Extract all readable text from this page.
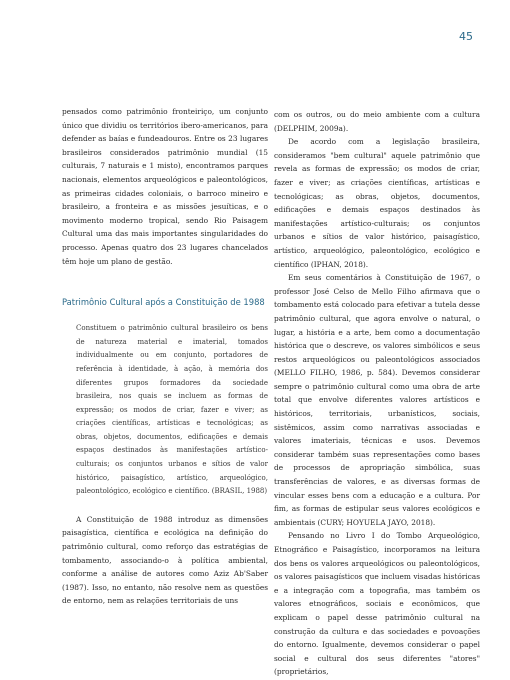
45

pensados como patrimônio fronteiriço, um conjunto único que dividiu os territórios ibero-americanos, para defender as baías e fundeadouros. Entre os 23 lugares brasileiros considerados patrimônio mundial (15 culturais, 7 naturais e 1 misto), encontramos parques nacionais, elementos arqueológicos e paleontológicos, as primeiras cidades coloniais, o barroco mineiro e brasileiro, a fronteira e as missões jesuíticas, e o movimento moderno tropical, sendo Rio Paisagem Cultural uma das mais importantes singularidades do processo. Apenas quatro dos 23 lugares chancelados têm hoje um plano de gestão.

Patrimônio Cultural após a Constituição de 1988

Constituem o patrimônio cultural brasileiro os bens de natureza material e imaterial, tomados individualmente ou em conjunto, portadores de referência à identidade, à ação, à memória dos diferentes grupos formadores da sociedade brasileira, nos quais se incluem as formas de expressão; os modos de criar, fazer e viver; as criações científicas, artísticas e tecnológicas; as obras, objetos, documentos, edificações e demais espaços destinados às manifestações artístico-culturais; os conjuntos urbanos e sítios de valor histórico, paisagístico, artístico, arqueológico, paleontológico, ecológico e científico. (BRASIL, 1988)

A Constituição de 1988 introduz as dimensões paisagística, científica e ecológica na definição do patrimônio cultural, como reforço das estratégias de tombamento, associando-o à política ambiental, conforme a análise de autores como Aziz Ab'Saber (1987). Isso, no entanto, não resolve nem as questões de entorno, nem as relações territoriais de uns

com os outros, ou do meio ambiente com a cultura (DELPHIM, 2009a).

De acordo com a legislação brasileira, consideramos "bem cultural" aquele patrimônio que revela as formas de expressão; os modos de criar, fazer e viver; as criações científicas, artísticas e tecnológicas; as obras, objetos, documentos, edificações e demais espaços destinados às manifestações artístico-culturais; os conjuntos urbanos e sítios de valor histórico, paisagístico, artístico, arqueológico, paleontológico, ecológico e científico (IPHAN, 2018).

Em seus comentários à Constituição de 1967, o professor José Celso de Mello Filho afirmava que o tombamento está colocado para efetivar a tutela desse patrimônio cultural, que agora envolve o natural, o lugar, a história e a arte, bem como a documentação histórica que o descreve, os valores simbólicos e seus restos arqueológicos ou paleontológicos associados (MELLO FILHO, 1986, p. 584). Devemos considerar sempre o patrimônio cultural como uma obra de arte total que envolve diferentes valores artísticos e históricos, territoriais, urbanísticos, sociais, sistêmicos, assim como narrativas associadas e valores imateriais, técnicas e usos. Devemos considerar também suas representações como bases de processos de apropriação simbólica, suas transferências de valores, e as diversas formas de vincular esses bens com a educação e a cultura. Por fim, as formas de estipular seus valores ecológicos e ambientais (CURY; HOYUELA JAYO, 2018).

Pensando no Livro I do Tombo Arqueológico, Etnográfico e Paisagístico, incorporamos na leitura dos bens os valores arqueológicos ou paleontológicos, os valores paisagísticos que incluem visadas históricas e a integração com a topografia, mas também os valores etnográficos, sociais e econômicos, que explicam o papel desse patrimônio cultural na construção da cultura e das sociedades e povoações do entorno. Igualmente, devemos considerar o papel social e cultural dos seus diferentes "atores" (proprietários,
